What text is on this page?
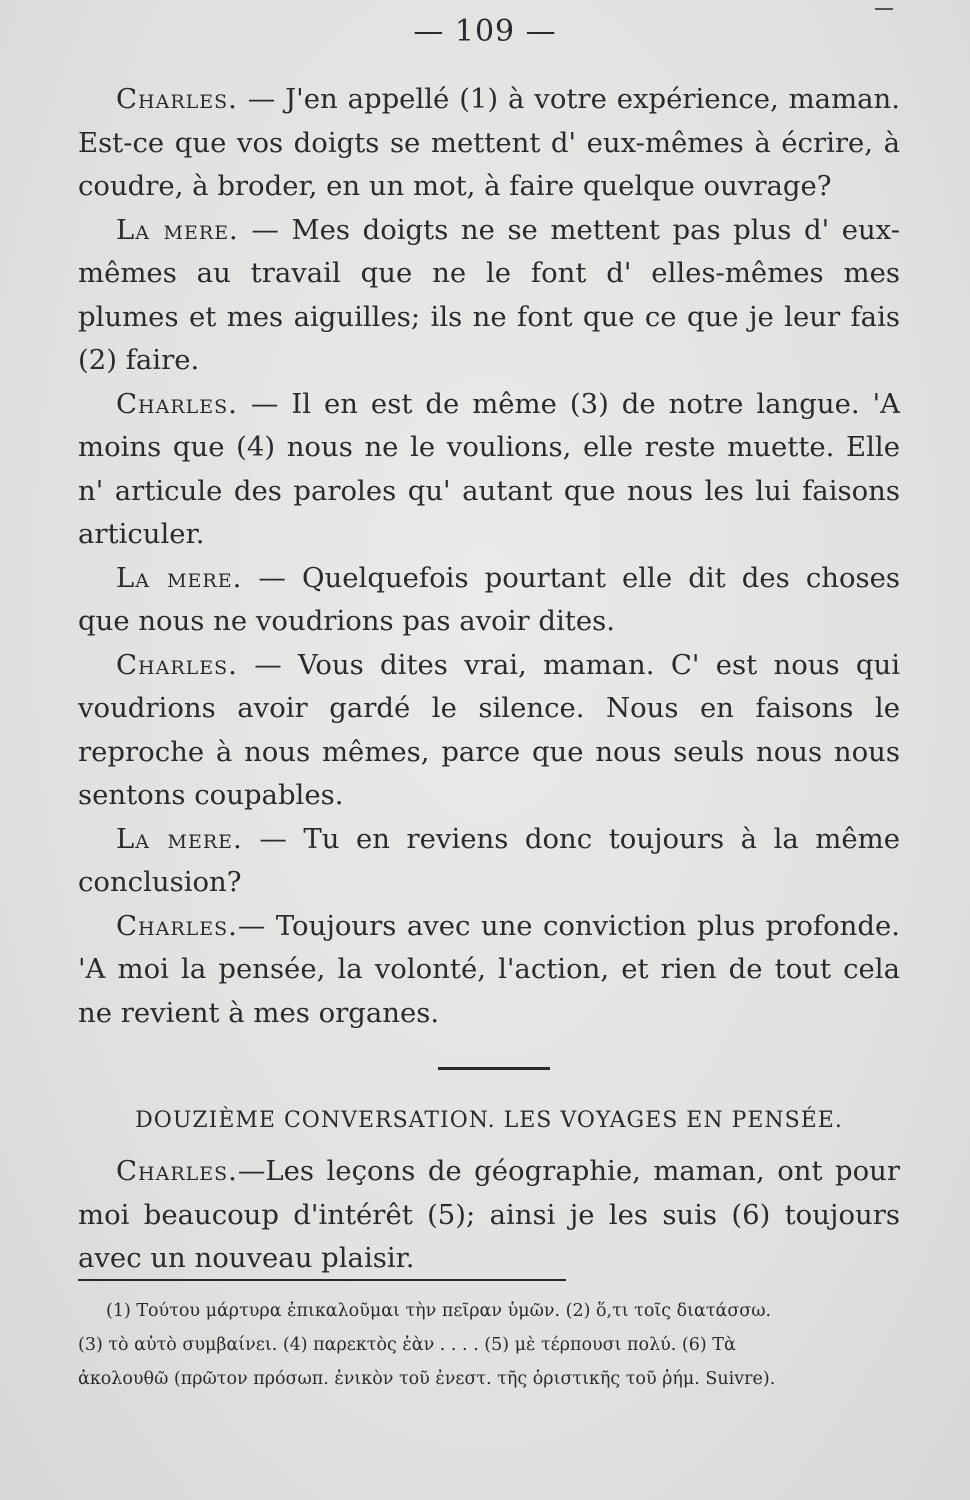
— 109 —

Charles. — J'en appellé (1) à votre expérience, maman. Est-ce que vos doigts se mettent d' eux-mêmes à écrire, à coudre, à broder, en un mot, à faire quelque ouvrage?

La mere. — Mes doigts ne se mettent pas plus d' eux-mêmes au travail que ne le font d' elles-mêmes mes plumes et mes aiguilles; ils ne font que ce que je leur fais (2) faire.

Charles. — Il en est de même (3) de notre langue. 'A moins que (4) nous ne le voulions, elle reste muette. Elle n' articule des paroles qu' autant que nous les lui faisons articuler.

La mere. — Quelquefois pourtant elle dit des choses que nous ne voudrions pas avoir dites.

Charles. — Vous dites vrai, maman. C' est nous qui voudrions avoir gardé le silence. Nous en faisons le reproche à nous mêmes, parce que nous seuls nous nous sentons coupables.

La mere. — Tu en reviens donc toujours à la même conclusion?

Charles.— Toujours avec une conviction plus profonde. 'A moi la pensée, la volonté, l'action, et rien de tout cela ne revient à mes organes.

DOUZIÈME CONVERSATION. LES VOYAGES EN PENSÉE.

Charles.—Les leçons de géographie, maman, ont pour moi beaucoup d'intérêt (5); ainsi je les suis (6) toujours avec un nouveau plaisir.

(1) Τούτου μάρτυρα ἐπικαλοῦμαι τὴν πεῖραν ὑμῶν. (2) ὅ,τι τοῖς διατάσσω.

(3) τὸ αὐτὸ συμβαίνει. (4) παρεκτὸς ἐὰν . . . . (5) μὲ τέρπουσι πολύ. (6) Τὰ

ἀκολουθῶ (πρῶτον πρόσωπ. ἐνικὸν τοῦ ἐνεστ. τῆς ὁριστικῆς τοῦ ῥήμ. Suivre).
